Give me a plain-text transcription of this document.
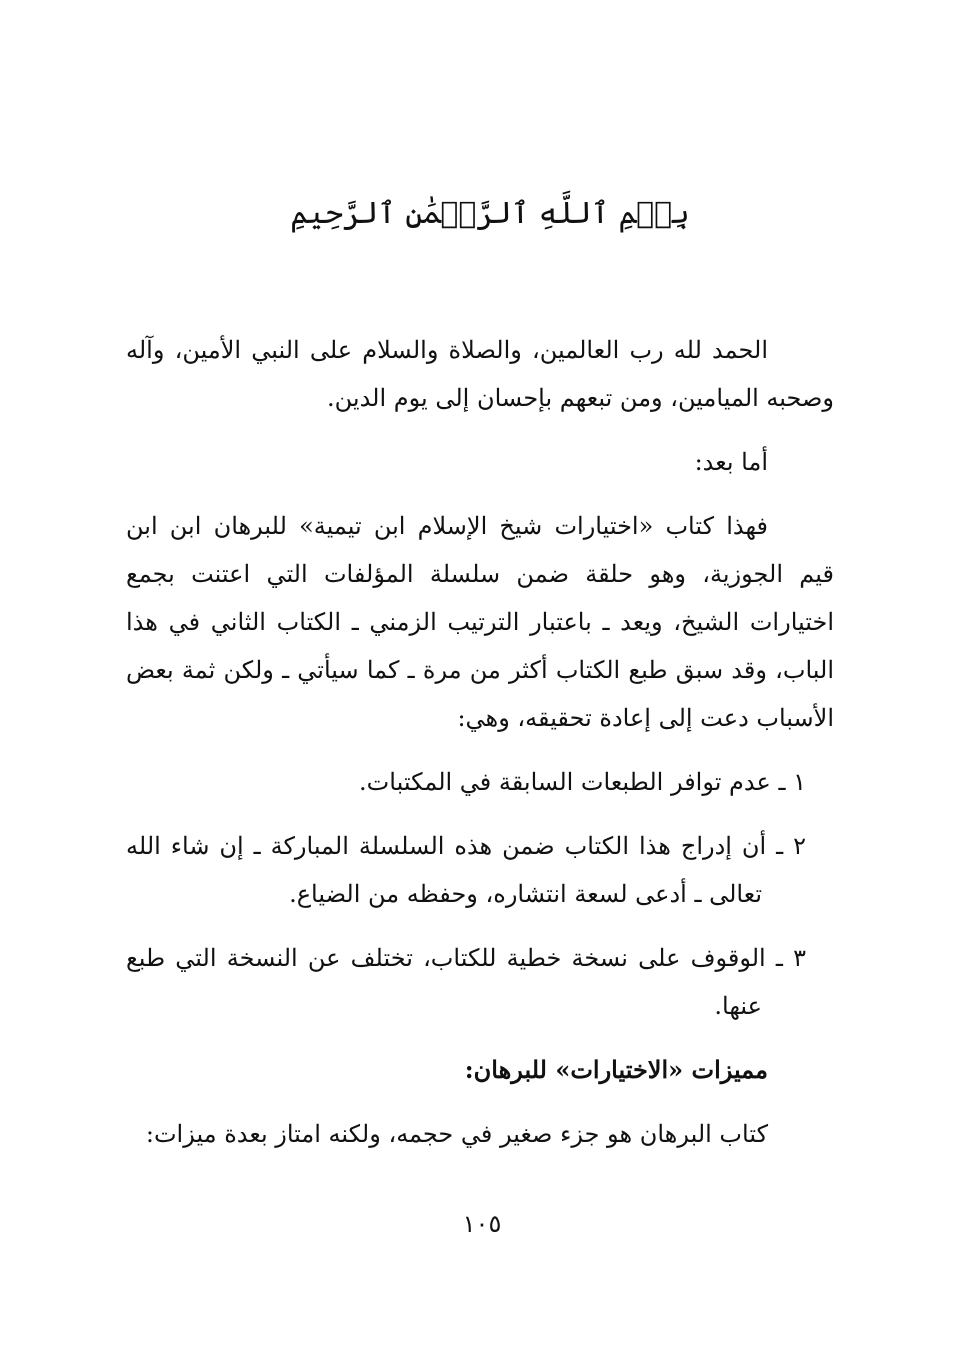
بِسۡمِ ٱللَّهِ ٱلرَّحۡمَٰنِ ٱلرَّحِيمِ

الحمد لله رب العالمين، والصلاة والسلام على النبي الأمين، وآله وصحبه الميامين، ومن تبعهم بإحسان إلى يوم الدين.

أما بعد:

فهذا كتاب «اختيارات شيخ الإسلام ابن تيمية» للبرهان ابن ابن قيم الجوزية، وهو حلقة ضمن سلسلة المؤلفات التي اعتنت بجمع اختيارات الشيخ، ويعد ـ باعتبار الترتيب الزمني ـ الكتاب الثاني في هذا الباب، وقد سبق طبع الكتاب أكثر من مرة ـ كما سيأتي ـ ولكن ثمة بعض الأسباب دعت إلى إعادة تحقيقه، وهي:

١ ـ عدم توافر الطبعات السابقة في المكتبات.

٢ ـ أن إدراج هذا الكتاب ضمن هذه السلسلة المباركة ـ إن شاء الله تعالى ـ أدعى لسعة انتشاره، وحفظه من الضياع.

٣ ـ الوقوف على نسخة خطية للكتاب، تختلف عن النسخة التي طبع عنها.

مميزات «الاختيارات» للبرهان:

كتاب البرهان هو جزء صغير في حجمه، ولكنه امتاز بعدة ميزات:

١٠٥
